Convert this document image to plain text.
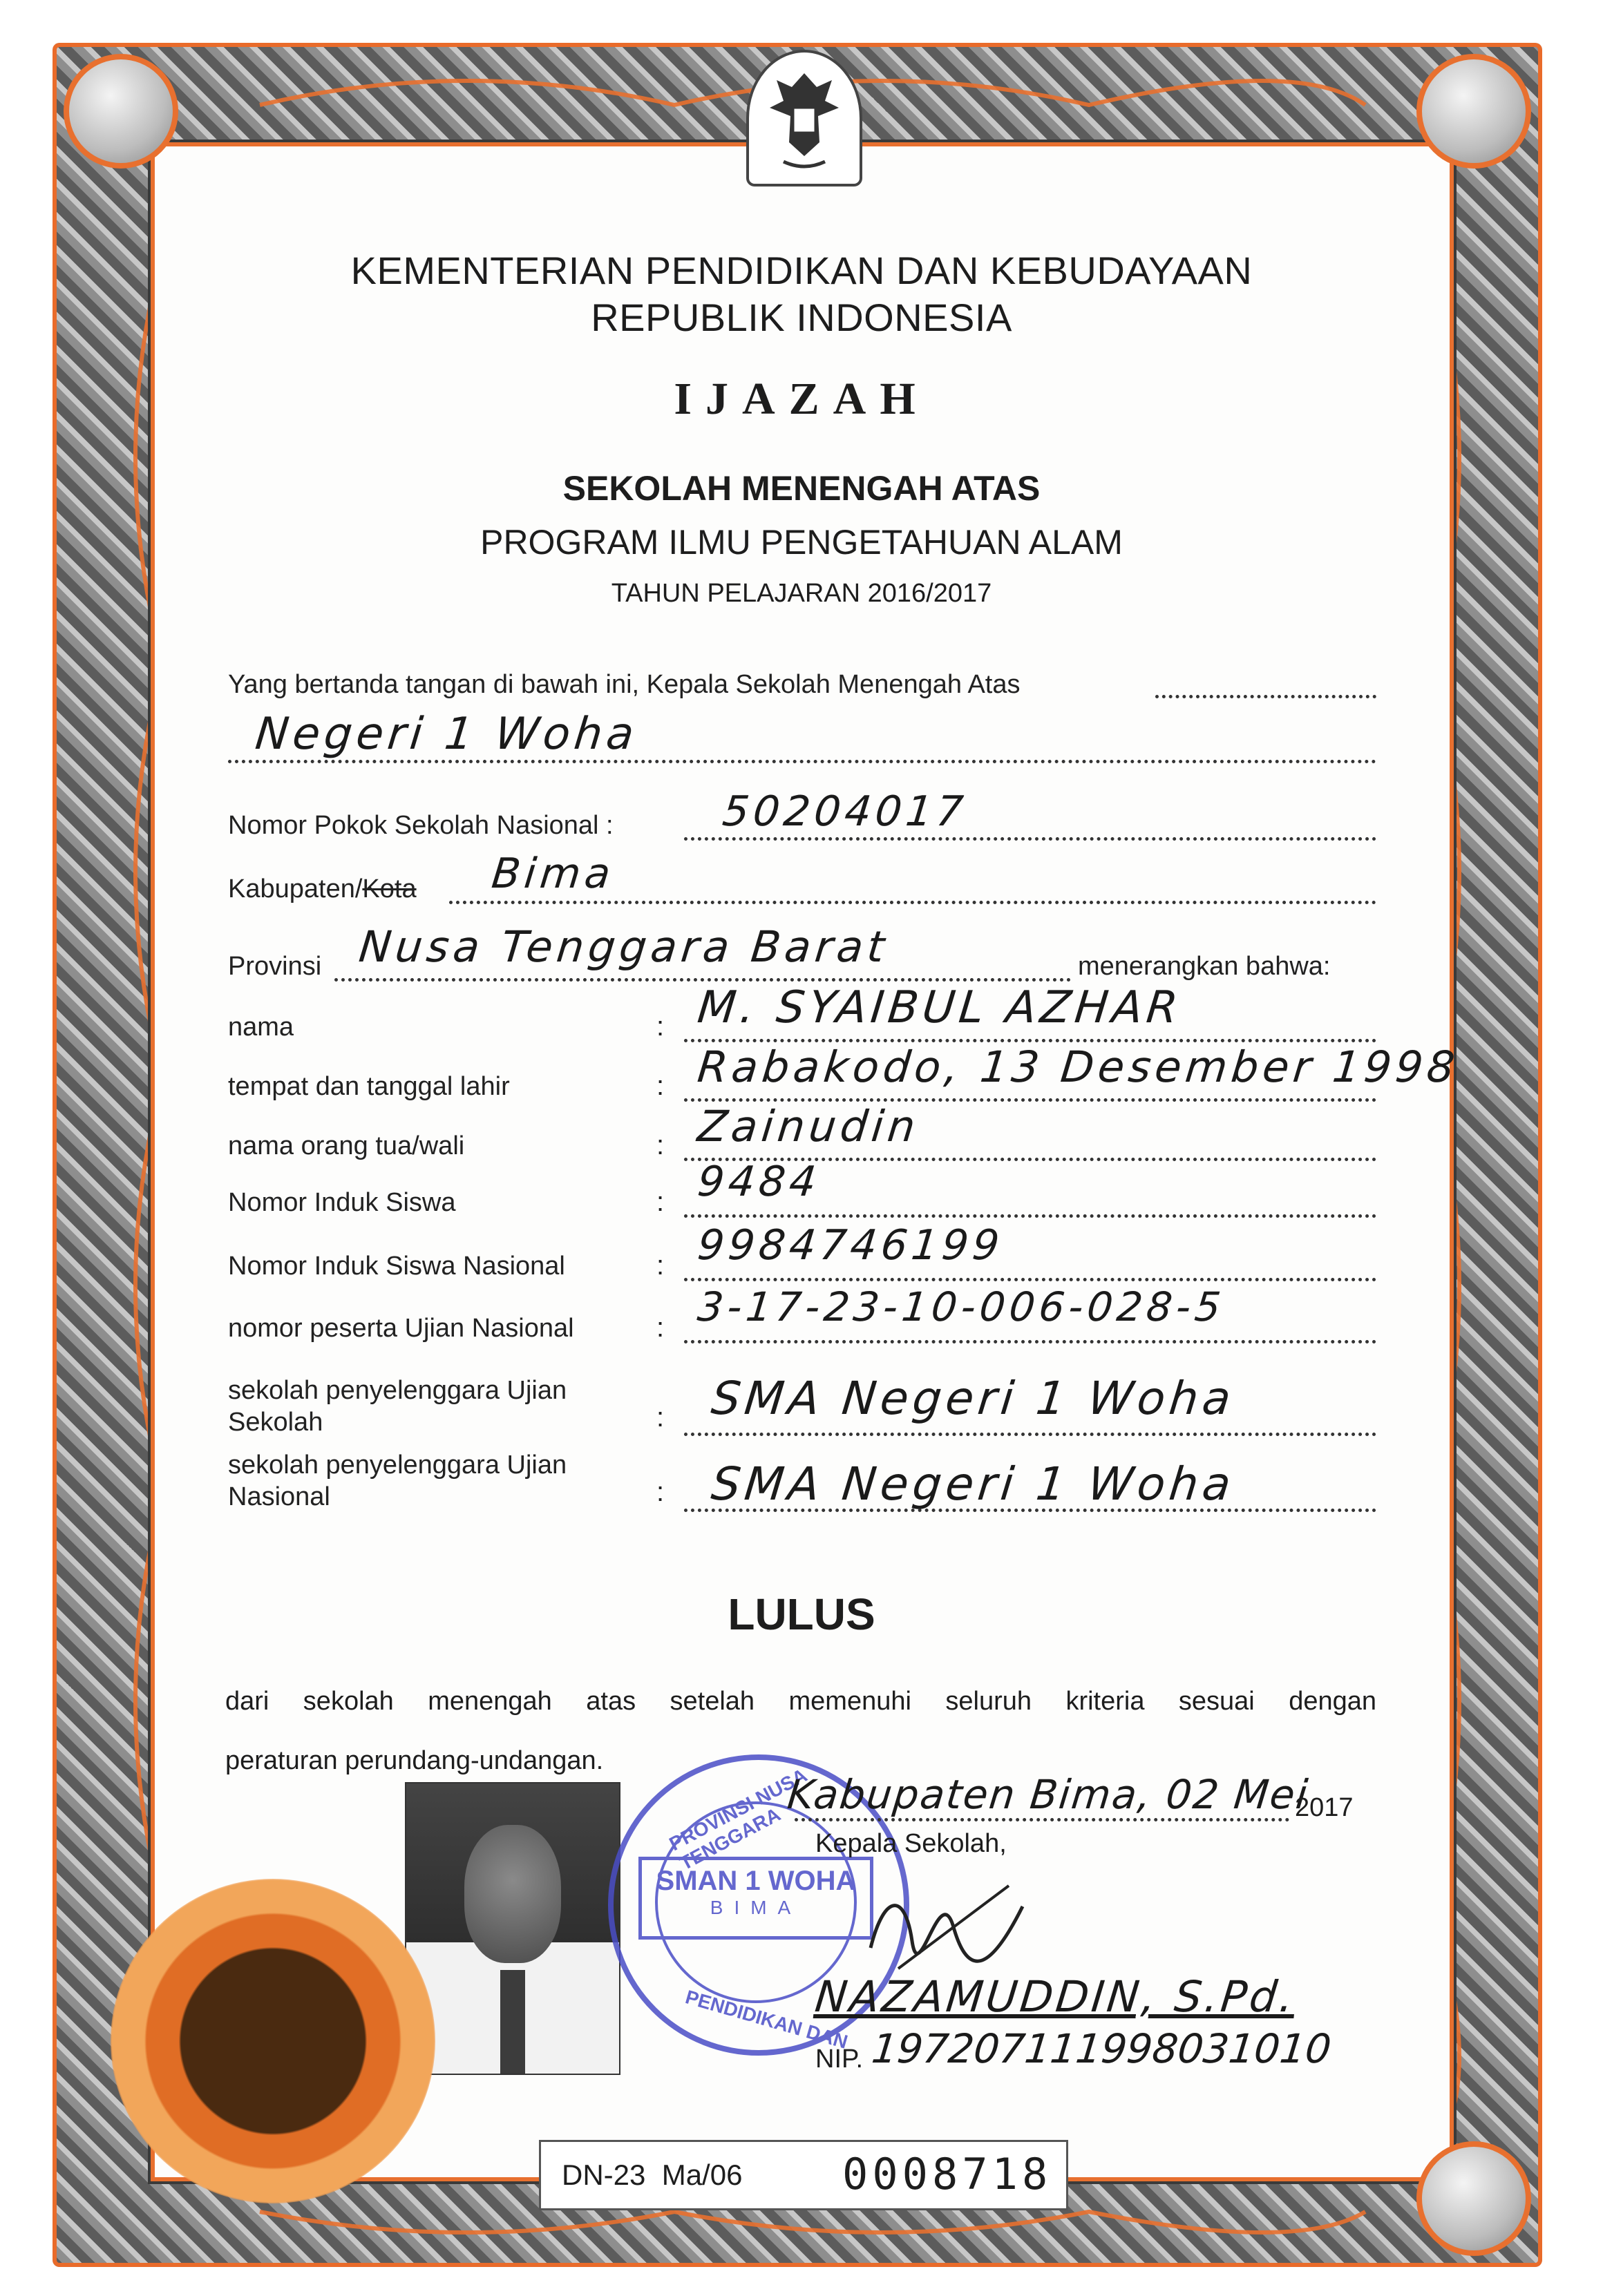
KEMENTERIAN PENDIDIKAN DAN KEBUDAYAAN
REPUBLIK INDONESIA
IJAZAH
SEKOLAH MENENGAH ATAS
PROGRAM ILMU PENGETAHUAN ALAM
TAHUN PELAJARAN 2016/2017
Yang bertanda tangan di bawah ini, Kepala Sekolah Menengah Atas
Negeri 1 Woha
Nomor Pokok Sekolah Nasional :	50204017
Kabupaten/Kota Bima
Provinsi Nusa Tenggara Barat	menerangkan bahwa:
nama	: M. SYAIBUL AZHAR
tempat dan tanggal lahir	: Rabakodo, 13 Desember 1998
nama orang tua/wali	: Zainudin
Nomor Induk Siswa	: 9484
Nomor Induk Siswa Nasional	: 9984746199
nomor peserta Ujian Nasional	: 3-17-23-10-006-028-5
sekolah penyelenggara Ujian
Sekolah	: SMA Negeri 1 Woha
sekolah penyelenggara Ujian
Nasional	: SMA Negeri 1 Woha
LULUS
dari sekolah menengah atas setelah memenuhi seluruh kriteria sesuai dengan
peraturan perundang-undangan.
PROVINSI NUSA TENGGARA
SMAN 1 WOHA
BIMA
PENDIDIKAN DAN
Kabupaten Bima, 02 Mei
2017
Kepala Sekolah,
NAZAMUDDIN, S.Pd.
NIP. 197207111998031010
DN-23  Ma/06 0008718
